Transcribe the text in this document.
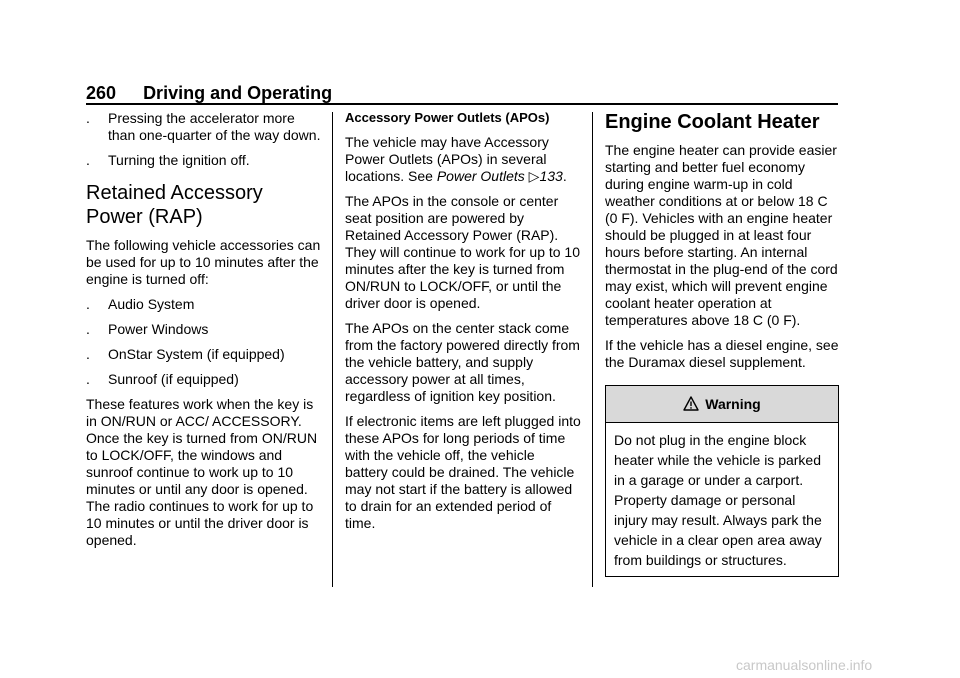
260 Driving and Operating
.	Pressing the accelerator more than one-quarter of the way down.
.	Turning the ignition off.
Retained Accessory Power (RAP)

The following vehicle accessories can be used for up to 10 minutes after the engine is turned off:

.	Audio System
.	Power Windows
.	OnStar System (if equipped)
.	Sunroof (if equipped)

These features work when the key is in ON/RUN or ACC/ ACCESSORY. Once the key is turned from ON/RUN to LOCK/OFF, the windows and sunroof continue to work up to 10 minutes or until any door is opened. The radio continues to work for up to 10 minutes or until the driver door is opened.

Accessory Power Outlets (APOs)

The vehicle may have Accessory Power Outlets (APOs) in several locations. See Power Outlets ▷133.

The APOs in the console or center seat position are powered by Retained Accessory Power (RAP). They will continue to work for up to 10 minutes after the key is turned from ON/RUN to LOCK/OFF, or until the driver door is opened.

The APOs on the center stack come from the factory powered directly from the vehicle battery, and supply accessory power at all times, regardless of ignition key position.

If electronic items are left plugged into these APOs for long periods of time with the vehicle off, the vehicle battery could be drained. The vehicle may not start if the battery is allowed to drain for an extended period of time.

Engine Coolant Heater

The engine heater can provide easier starting and better fuel economy during engine warm-up in cold weather conditions at or below 18 C (0 F). Vehicles with an engine heater should be plugged in at least four hours before starting. An internal thermostat in the plug-end of the cord may exist, which will prevent engine coolant heater operation at temperatures above 18 C (0 F).

If the vehicle has a diesel engine, see the Duramax diesel supplement.

Warning
Do not plug in the engine block heater while the vehicle is parked in a garage or under a carport. Property damage or personal injury may result. Always park the vehicle in a clear open area away from buildings or structures.
carmanualsonline.info
